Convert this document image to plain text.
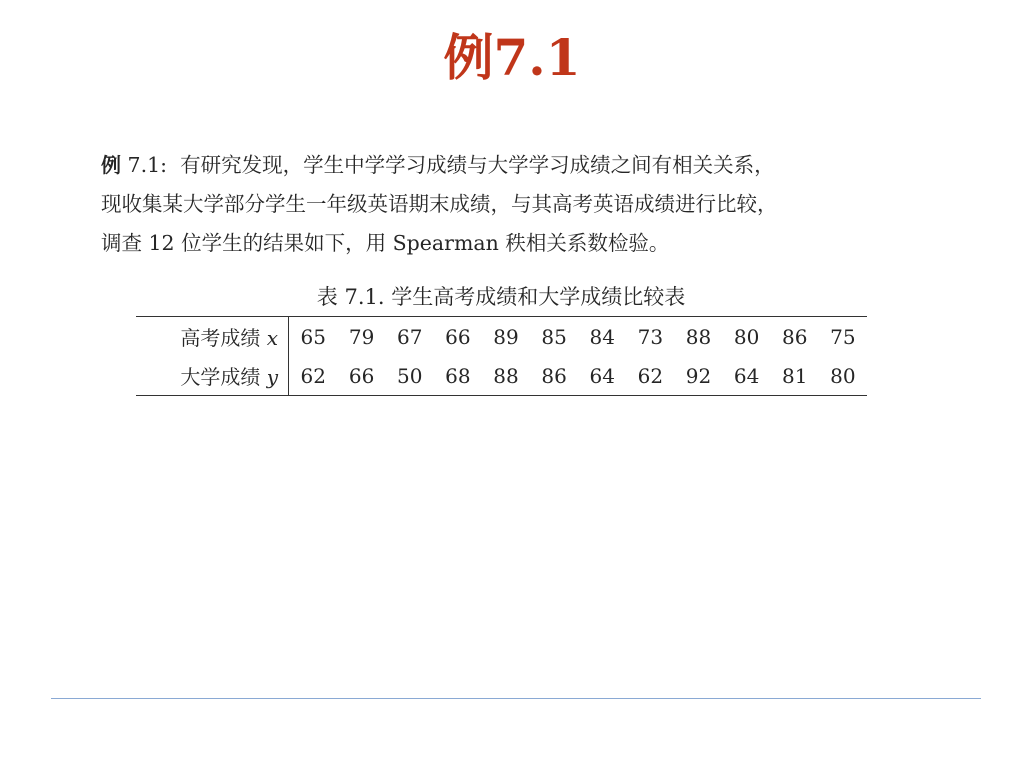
例7.1
例 7.1: 有研究发现，学生中学学习成绩与大学学习成绩之间有相关关系，
现收集某大学部分学生一年级英语期末成绩，与其高考英语成绩进行比较，
调查 12 位学生的结果如下，用 Spearman 秩相关系数检验。
表 7.1. 学生高考成绩和大学成绩比较表
高考成绩 x	65	79	67	66	89	85	84	73	88	80	86	75
大学成绩 y	62	66	50	68	88	86	64	62	92	64	81	80
